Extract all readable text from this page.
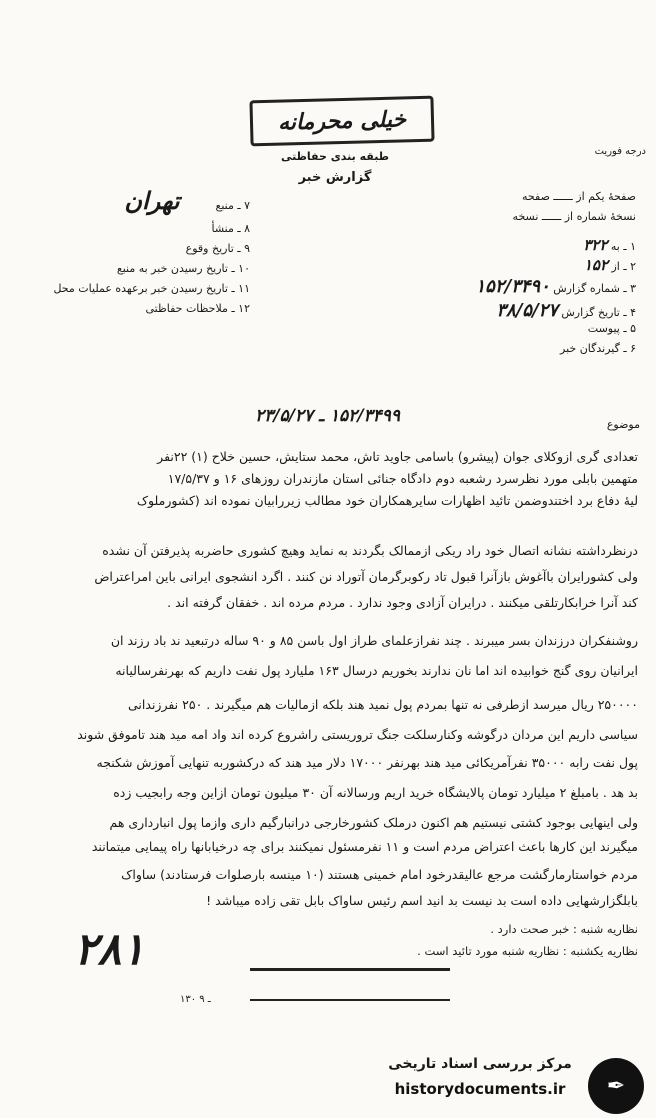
خیلی محرمانه
طبقه بندی حفاظتی
گزارش خبر
درجه فوریت
۷ ـ منبع تهران
۸ ـ منشأ
۹ ـ تاریخ وقوع
۱۰ ـ تاریخ رسیدن خبر به منبع
۱۱ ـ تاریخ رسیدن خبر برعهده عملیات محل
۱۲ ـ ملاحظات حفاظتی
صفحهٔ یکم از ــــــ صفحه
نسخهٔ شماره از ــــــ نسخه
۱ ـ به ۳۲۲
۲ ـ از ۱۵۲
۳ ـ شماره گزارش ۱۵۲/۳۴۹۰
۴ ـ تاریخ گزارش ۳۸/۵/۲۷
۵ ـ پیوست
۶ ـ گیرندگان خبر
موضوع
۱۵۲/۳۴۹۹ ـ ۲۳/۵/۲۷
تعدادی گری ازوکلای جوان (پیشرو) باسامی جاوید تاش، محمد ستایش، حسین خلاح (۱) ۲۲نفر
متهمین بابلی مورد نظرسرد رشعبه دوم دادگاه جنائی استان مازندران روزهای ۱۶ و ۱۷/۵/۳۷
لیهٔ دفاع برد اختندوضمن تائید اظهارات سایرهمکاران خود مطالب زیررابیان نموده اند (کشورملوک
درنظرداشته نشانه اتصال خود راد ریکی ازممالک بگردند به نماید وهیچ کشوری حاضربه پذیرفتن آن نشده
ولی کشورایران باآغوش بازآنرا قبول تاد رکوبرگرمان آتوراد نن کنند . اگرد انشجوی ایرانی باین امراعتراض
کند آنرا خرابکارتلقی میکنند . درایران آزادی وجود ندارد . مردم مرده اند . خفقان گرفته اند .
روشنفکران درزندان بسر میبرند . چند نفرازعلمای طراز اول باسن ۸۵ و ۹۰ ساله درتبعید ند باد رزند ان
ایرانیان روی گنج خوابیده اند اما نان ندارند بخوریم درسال ۱۶۳ ملیارد پول نفت داریم که بهرنفرسالیانه
۲۵۰۰۰۰ ریال میرسد ازطرفی نه تنها بمردم پول نمید هند بلکه ازمالیات هم میگیرند . ۲۵۰ نفرزندانی
سیاسی داریم این مردان درگوشه وکنارسلکت جنگ تروریستی راشروع کرده اند واد امه مید هند تاموفق شوند
پول نفت رابه ۳۵۰۰۰ نفرآمریکائی مید هند بهرنفر ۱۷۰۰۰ دلار مید هند که درکشوربه تنهایی آموزش شکنجه
بد هد . بامبلغ ۲ میلیارد تومان پالایشگاه خرید اریم ورسالانه آن ۳۰ میلیون تومان ازاین وجه رابجیب زده
ولی اینهایی بوجود کشتی نیستیم هم اکنون درملک کشورخارجی درانبارگیم داری وازما پول انبارداری هم
میگیرند این کارها باعث اعتراض مردم است و ۱۱ نفرمسئول نمیکنند برای چه درخیابانها راه پیمایی میتمانند
مردم خواستارمارگشت مرجع عالیقدرخود امام خمینی هستند (۱۰ مینسه بارصلوات فرستادند) ساواک
بابلگزارشهایی داده است بد نیست بد انید اسم رئیس ساواک بابل تقی زاده میباشد !
نظاریه شنبه : خبر صحت دارد .
نظاریه یکشنبه : نظاریه شنبه مورد تائید است .
۱۳۰ ـ ۹
۲۸۱
مرکز بررسی اسناد تاریخی
historydocuments.ir	✒
